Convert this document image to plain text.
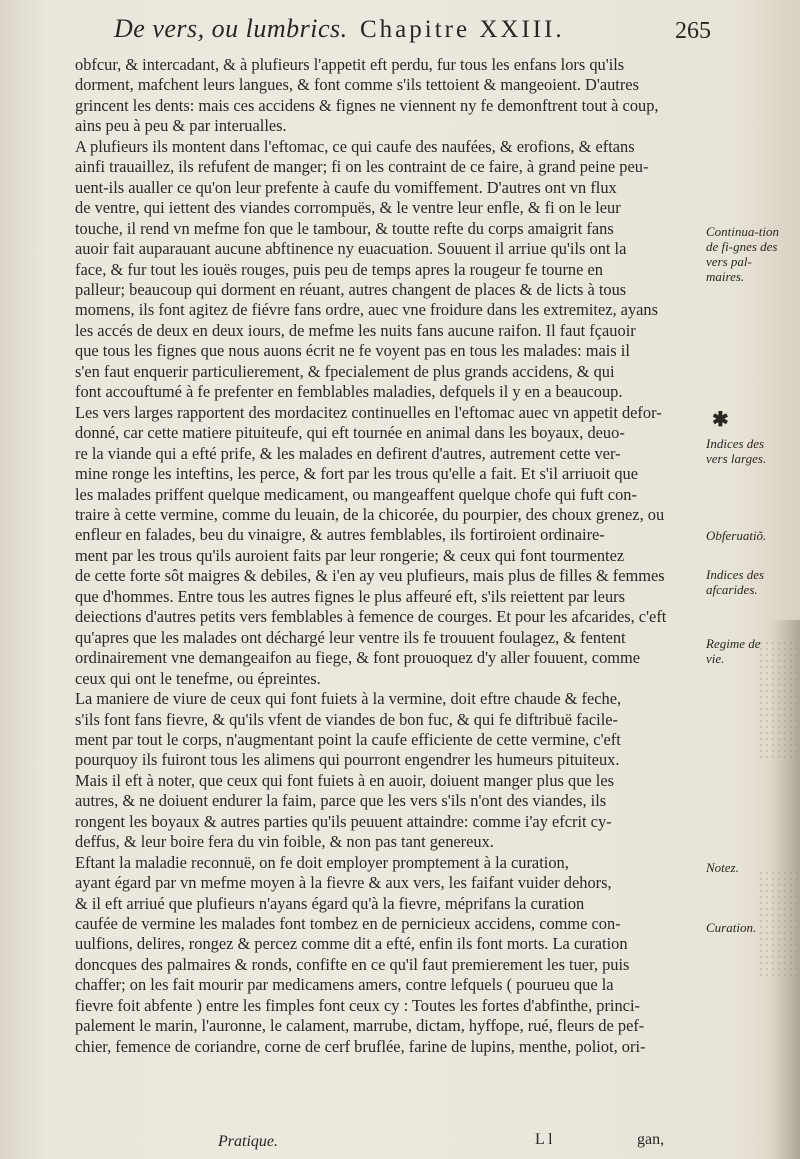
De vers, ou lumbrics. Chapitre XXIII.	265
obfcur, & intercadant, & à plufieurs l'appetit eft perdu, fur tous les enfans lors qu'ils
dorment, mafchent leurs langues, & font comme s'ils tettoient & mangeoient. D'autres
grincent les dents: mais ces accidens & fignes ne viennent ny fe demonftrent tout à coup,
ains peu à peu & par interualles.
A plufieurs ils montent dans l'eftomac, ce qui caufe des naufées, & erofions, & eftans
ainfi trauaillez, ils refufent de manger; fi on les contraint de ce faire, à grand peine peu-
uent-ils aualler ce qu'on leur prefente à caufe du vomiffement. D'autres ont vn flux
de ventre, qui iettent des viandes corrompuës, & le ventre leur enfle, & fi on le leur
touche, il rend vn mefme fon que le tambour, & toutte refte du corps amaigrit fans
auoir fait auparauant aucune abftinence ny euacuation. Souuent il arriue qu'ils ont la
face, & fur tout les iouës rouges, puis peu de temps apres la rougeur fe tourne en
palleur; beaucoup qui dorment en réuant, autres changent de places & de licts à tous
momens, ils font agitez de fiévre fans ordre, auec vne froidure dans les extremitez, ayans
les accés de deux en deux iours, de mefme les nuits fans aucune raifon. Il faut fçauoir
que tous les fignes que nous auons écrit ne fe voyent pas en tous les malades: mais il
s'en faut enquerir particulierement, & fpecialement de plus grands accidens, & qui
font accouftumé à fe prefenter en femblables maladies, defquels il y en a beaucoup.
Les vers larges rapportent des mordacitez continuelles en l'eftomac auec vn appetit defor-
donné, car cette matiere pituiteufe, qui eft tournée en animal dans les boyaux, deuo-
re la viande qui a efté prife, & les malades en defirent d'autres, autrement cette ver-
mine ronge les inteftins, les perce, & fort par les trous qu'elle a fait. Et s'il arriuoit que
les malades priffent quelque medicament, ou mangeaffent quelque chofe qui fuft con-
traire à cette vermine, comme du leuain, de la chicorée, du pourpier, des choux grenez, ou
enfleur en falades, beu du vinaigre, & autres femblables, ils fortiroient ordinaire-
ment par les trous qu'ils auroient faits par leur rongerie; & ceux qui font tourmentez
de cette forte sôt maigres & debiles, & i'en ay veu plufieurs, mais plus de filles & femmes
que d'hommes. Entre tous les autres fignes le plus affeuré eft, s'ils reiettent par leurs
deiections d'autres petits vers femblables à femence de courges. Et pour les afcarides, c'eft
qu'apres que les malades ont déchargé leur ventre ils fe trouuent foulagez, & fentent
ordinairement vne demangeaifon au fiege, & font prouoquez d'y aller fouuent, comme
ceux qui ont le tenefme, ou épreintes.
La maniere de viure de ceux qui font fuiets à la vermine, doit eftre chaude & feche,
s'ils font fans fievre, & qu'ils vfent de viandes de bon fuc, & qui fe diftribuë facile-
ment par tout le corps, n'augmentant point la caufe efficiente de cette vermine, c'eft
pourquoy ils fuiront tous les alimens qui pourront engendrer les humeurs pituiteux.
Mais il eft à noter, que ceux qui font fuiets à en auoir, doiuent manger plus que les
autres, & ne doiuent endurer la faim, parce que les vers s'ils n'ont des viandes, ils
rongent les boyaux & autres parties qu'ils peuuent attaindre: comme i'ay efcrit cy-
deffus, & leur boire fera du vin foible, & non pas tant genereux.
Eftant la maladie reconnuë, on fe doit employer promptement à la curation,
ayant égard par vn mefme moyen à la fievre & aux vers, les faifant vuider dehors,
& il eft arriué que plufieurs n'ayans égard qu'à la fievre, méprifans la curation
caufée de vermine les malades font tombez en de pernicieux accidens, comme con-
uulfions, delires, rongez & percez comme dit a efté, enfin ils font morts. La curation
doncques des palmaires & ronds, confifte en ce qu'il faut premierement les tuer, puis
chaffer; on les fait mourir par medicamens amers, contre lefquels ( pourueu que la
fievre foit abfente ) entre les fimples font ceux cy : Toutes les fortes d'abfinthe, princi-
palement le marin, l'auronne, le calament, marrube, dictam, hyffope, rué, fleurs de pef-
chier, femence de coriandre, corne de cerf bruflée, farine de lupins, menthe, poliot, ori-
Continua-tion de fi-gnes des vers pal-maires.
✱
Indices des vers larges.
Obferuatiõ.
Indices des afcarides.
Regime de vie.
Notez.
Curation.
Pratique.	L l	gan,
